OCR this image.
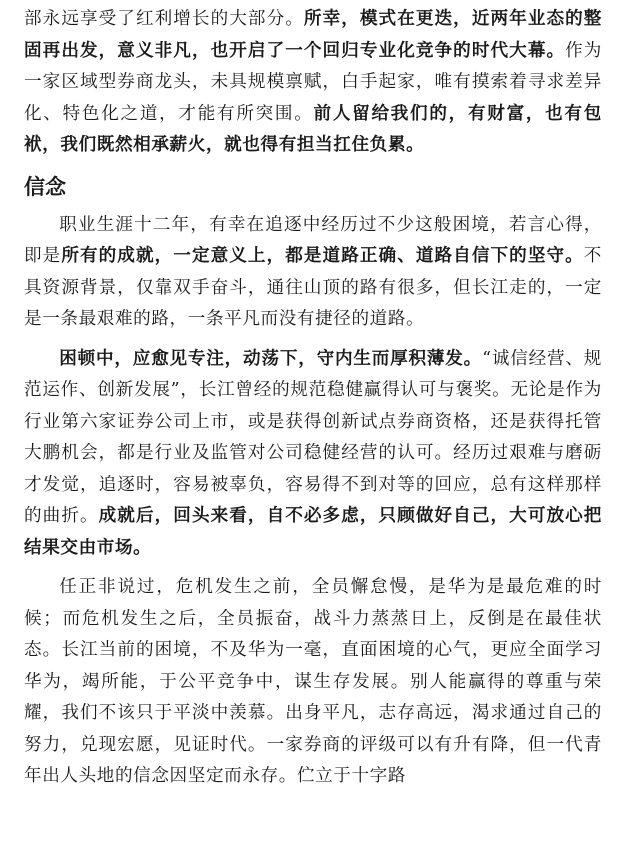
部永远享受了红利增长的大部分。所幸，模式在更迭，近两年业态的整固再出发，意义非凡，也开启了一个回归专业化竞争的时代大幕。作为一家区域型券商龙头，未具规模禀赋，白手起家，唯有摸索着寻求差异化、特色化之道，才能有所突围。前人留给我们的，有财富，也有包袱，我们既然相承薪火，就也得有担当扛住负累。

信念

职业生涯十二年，有幸在追逐中经历过不少这般困境，若言心得，即是所有的成就，一定意义上，都是道路正确、道路自信下的坚守。不具资源背景，仅靠双手奋斗，通往山顶的路有很多，但长江走的，一定是一条最艰难的路，一条平凡而没有捷径的道路。

困顿中，应愈见专注，动荡下，守内生而厚积薄发。“诚信经营、规范运作、创新发展”，长江曾经的规范稳健赢得认可与褒奖。无论是作为行业第六家证券公司上市，或是获得创新试点券商资格，还是获得托管大鹏机会，都是行业及监管对公司稳健经营的认可。经历过艰难与磨砺才发觉，追逐时，容易被辜负，容易得不到对等的回应，总有这样那样的曲折。成就后，回头来看，自不必多虑，只顾做好自己，大可放心把结果交由市场。

任正非说过，危机发生之前，全员懈怠慢，是华为是最危难的时候；而危机发生之后，全员振奋，战斗力蒸蒸日上，反倒是在最佳状态。长江当前的困境，不及华为一毫，直面困境的心气，更应全面学习华为，竭所能，于公平竞争中，谋生存发展。别人能赢得的尊重与荣耀，我们不该只于平淡中羡慕。出身平凡，志存高远，渴求通过自己的努力，兑现宏愿，见证时代。一家券商的评级可以有升有降，但一代青年出人头地的信念因坚定而永存。伫立于十字路
